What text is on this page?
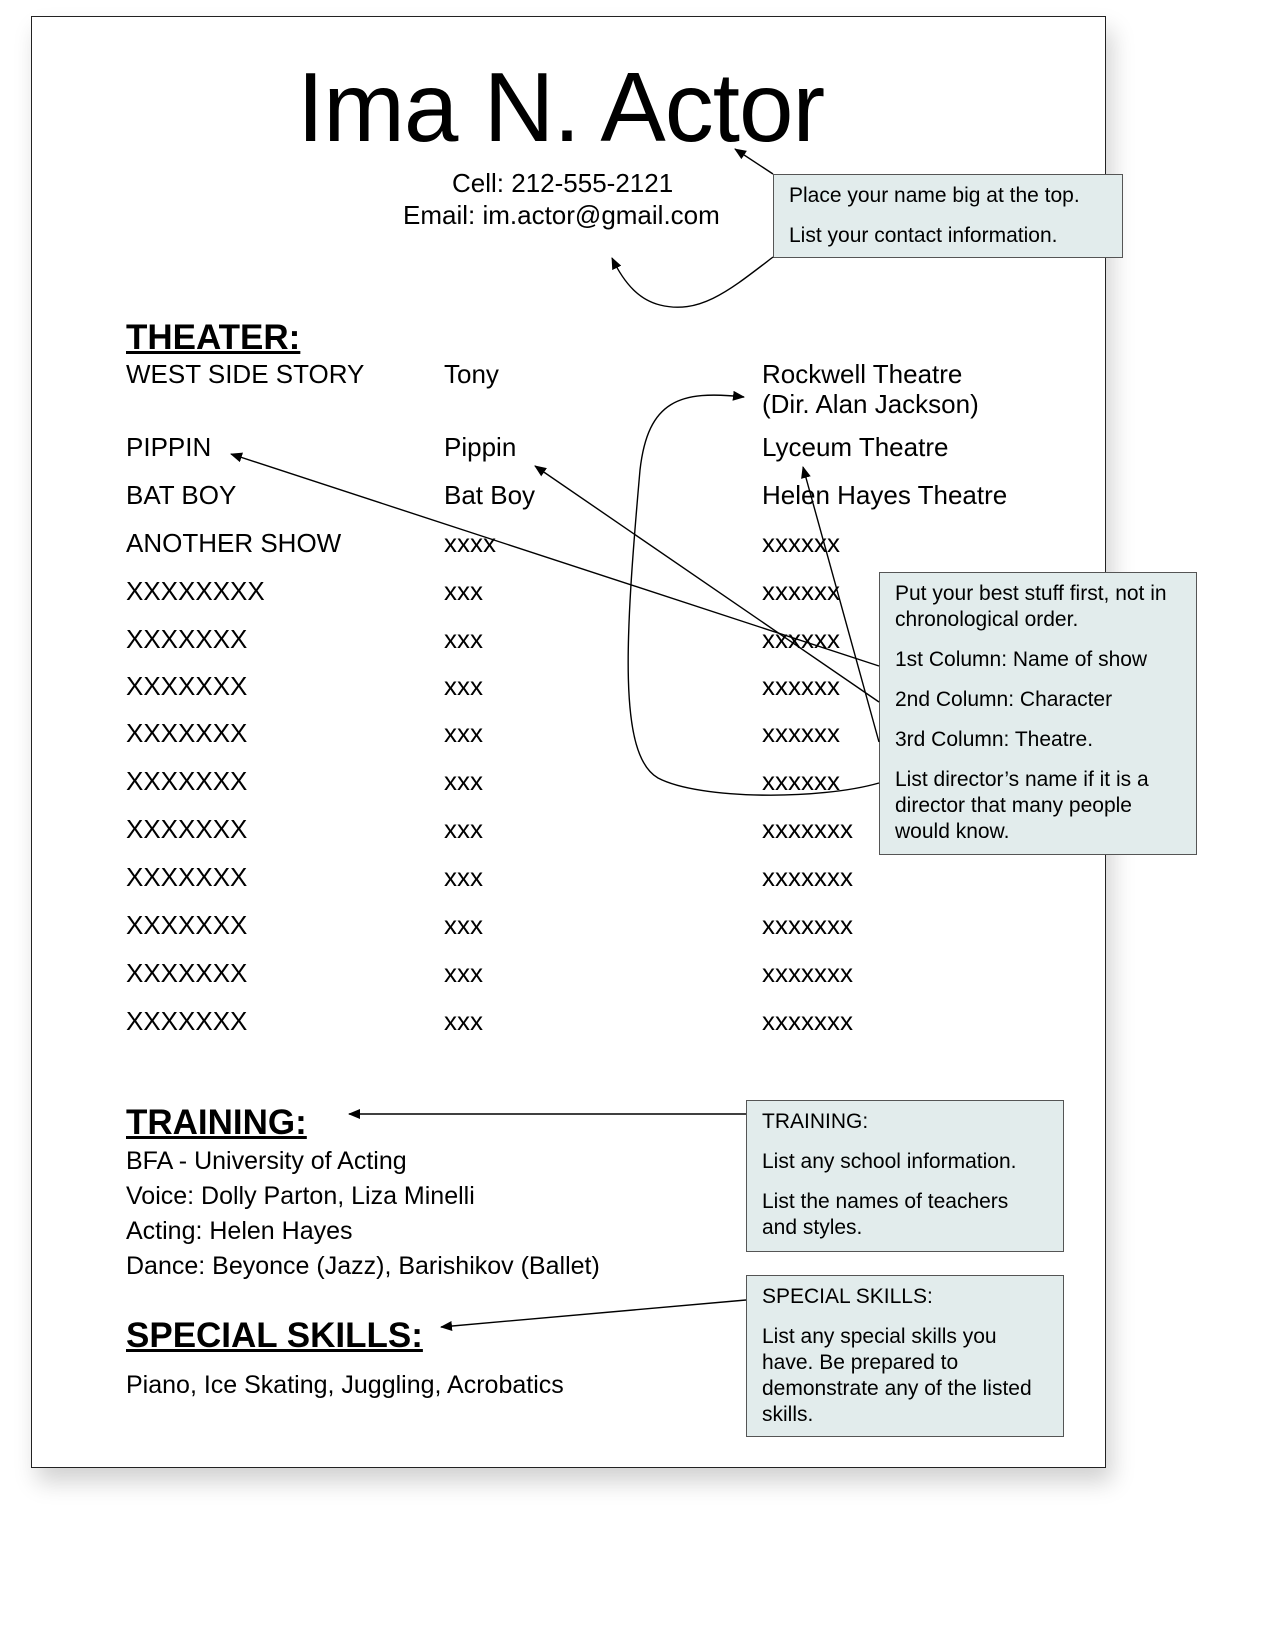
Ima N. Actor
Cell: 212-555-2121
Email: im.actor@gmail.com
THEATER:
WEST SIDE STORY	Tony	Rockwell Theatre
(Dir. Alan Jackson)
PIPPIN	Pippin	Lyceum Theatre
BAT BOY	Bat Boy	Helen Hayes Theatre
ANOTHER SHOW	xxxx	xxxxxx
XXXXXXXX	xxx	xxxxxx
XXXXXXX	xxx	xxxxxx
XXXXXXX	xxx	xxxxxx
XXXXXXX	xxx	xxxxxx
XXXXXXX	xxx	xxxxxx
XXXXXXX	xxx	xxxxxxx
XXXXXXX	xxx	xxxxxxx
XXXXXXX	xxx	xxxxxxx
XXXXXXX	xxx	xxxxxxx
XXXXXXX	xxx	xxxxxxx
TRAINING:
BFA - University of Acting
Voice: Dolly Parton, Liza Minelli
Acting: Helen Hayes
Dance: Beyonce (Jazz), Barishikov (Ballet)
SPECIAL SKILLS:
Piano, Ice Skating, Juggling, Acrobatics
Place your name big at the top.
List your contact information.
Put your best stuff first, not in chronological order.
1st Column: Name of show
2nd Column: Character
3rd Column: Theatre.
List director’s name if it is a director that many people would know.
TRAINING:
List any school information.
List the names of teachers and styles.
SPECIAL SKILLS:
List any special skills you have. Be prepared to demonstrate any of the listed skills.
